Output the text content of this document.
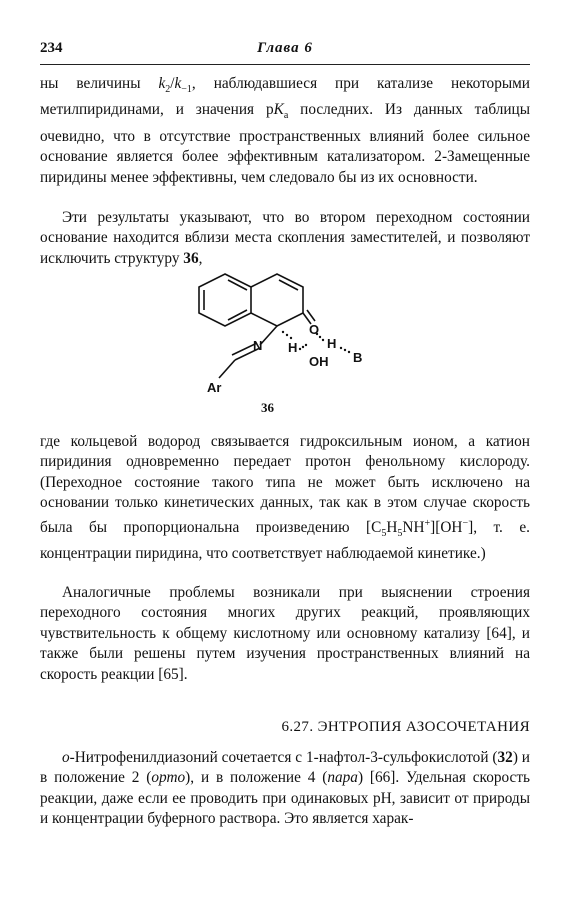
234	Глава 6

ны величины $k_2/k_{-1}$, наблюдавшиеся при катализе некоторыми метилпиридинами, и значения $pK_a$ последних. Из данных таблицы очевидно, что в отсутствие пространственных влияний более сильное основание является более эффективным катализатором. 2-Замещенные пиридины менее эффективны, чем следовало бы из их основности.

Эти результаты указывают, что во втором переходном состоянии основание находится вблизи места скопления заместителей, и позволяют исключить структуру 36,

O
H
B
N H
OH
Ar
36

где кольцевой водород связывается гидроксильным ионом, а катион пиридиния одновременно передает протон фенольному кислороду. (Переходное состояние такого типа не может быть исключено на основании только кинетических данных, так как в этом случае скорость была бы пропорциональна произведению $[C_5H_5NH^+][OH^-]$, т. е. концентрации пиридина, что соответствует наблюдаемой кинетике.)

Аналогичные проблемы возникали при выяснении строения переходного состояния многих других реакций, проявляющих чувствительность к общему кислотному или основному катализу [64], и также были решены путем изучения пространственных влияний на скорость реакции [65].

6.27. ЭНТРОПИЯ АЗОСОЧЕТАНИЯ

о-Нитрофенилдиазоний сочетается с 1-нафтол-3-сульфокислотой (32) и в положение 2 (орто), и в положение 4 (пара) [66]. Удельная скорость реакции, даже если ее проводить при одинаковых pH, зависит от природы и концентрации буферного раствора. Это является харак-
